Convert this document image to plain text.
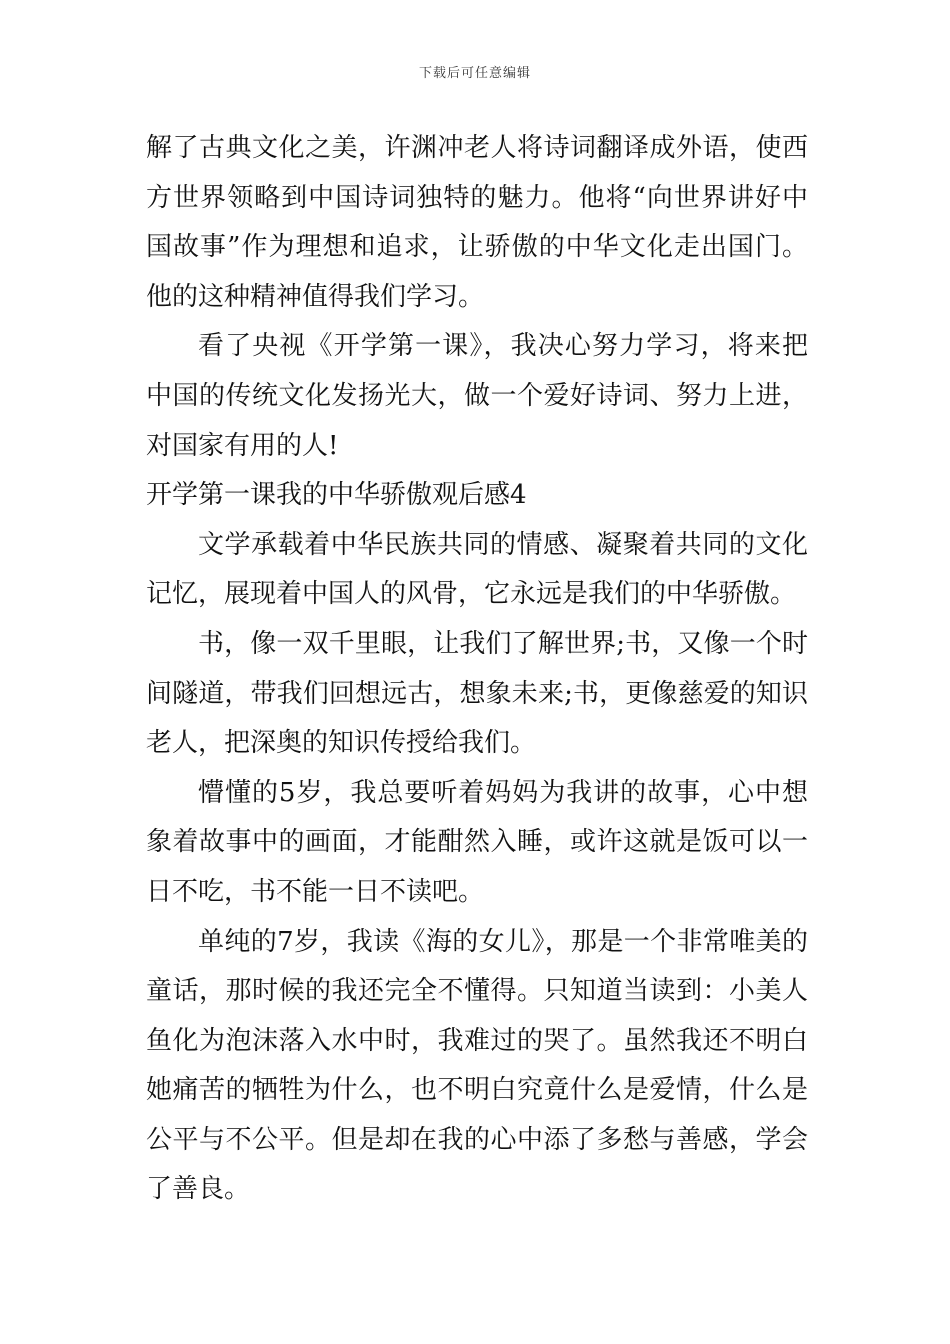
下载后可任意编辑

解了古典文化之美，许渊冲老人将诗词翻译成外语，使西方世界领略到中国诗词独特的魅力。他将“向世界讲好中国故事”作为理想和追求，让骄傲的中华文化走出国门。他的这种精神值得我们学习。

看了央视《开学第一课》，我决心努力学习，将来把中国的传统文化发扬光大，做一个爱好诗词、努力上进，对国家有用的人!

开学第一课我的中华骄傲观后感4

文学承载着中华民族共同的情感、凝聚着共同的文化记忆，展现着中国人的风骨，它永远是我们的中华骄傲。

书，像一双千里眼，让我们了解世界;书，又像一个时间隧道，带我们回想远古，想象未来;书，更像慈爱的知识老人，把深奥的知识传授给我们。

懵懂的5岁，我总要听着妈妈为我讲的故事，心中想象着故事中的画面，才能酣然入睡，或许这就是饭可以一日不吃，书不能一日不读吧。

单纯的7岁，我读《海的女儿》，那是一个非常唯美的童话，那时候的我还完全不懂得。只知道当读到：小美人鱼化为泡沫落入水中时，我难过的哭了。虽然我还不明白她痛苦的牺牲为什么，也不明白究竟什么是爱情，什么是公平与不公平。但是却在我的心中添了多愁与善感，学会了善良。
